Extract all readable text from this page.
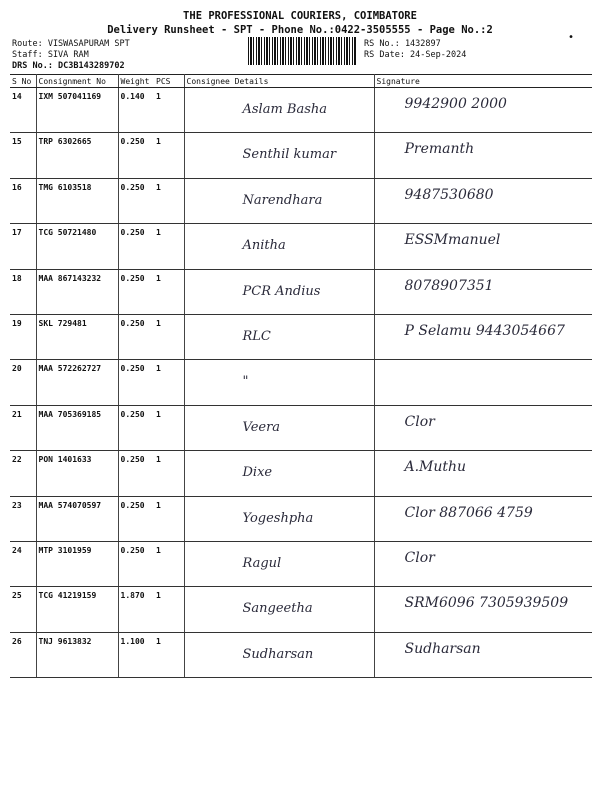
THE PROFESSIONAL COURIERS, COIMBATORE
Delivery Runsheet - SPT - Phone No.:0422-3505555 - Page No.:2
Route: VISWASAPURAM SPT
Staff: SIVA RAM
DRS No.: DC3B143289702
•
RS No.: 1432897
RS Date: 24-Sep-2024
S No	Consignment No	Weight	PCS	Consignee Details	Signature
14	IXM 507041169	0.140	1	Aslam Basha	9942900 2000

15	TRP 6302665	0.250	1	Senthil kumar	Premanth

16	TMG 6103518	0.250	1	Narendhara	9487530680

17	TCG 50721480	0.250	1	Anitha	ESSMmanuel

18	MAA 867143232	0.250	1	PCR Andius	8078907351

19	SKL 729481	0.250	1	RLC	P Selamu 9443054667

20	MAA 572262727	0.250	1	"	

21	MAA 705369185	0.250	1	Veera	Clor

22	PON 1401633	0.250	1	Dixe	A.Muthu

23	MAA 574070597	0.250	1	Yogeshpha	Clor 887066 4759

24	MTP 3101959	0.250	1	Ragul	Clor

25	TCG 41219159	1.870	1	Sangeetha	SRM6096 7305939509

26	TNJ 9613832	1.100	1	Sudharsan	Sudharsan
